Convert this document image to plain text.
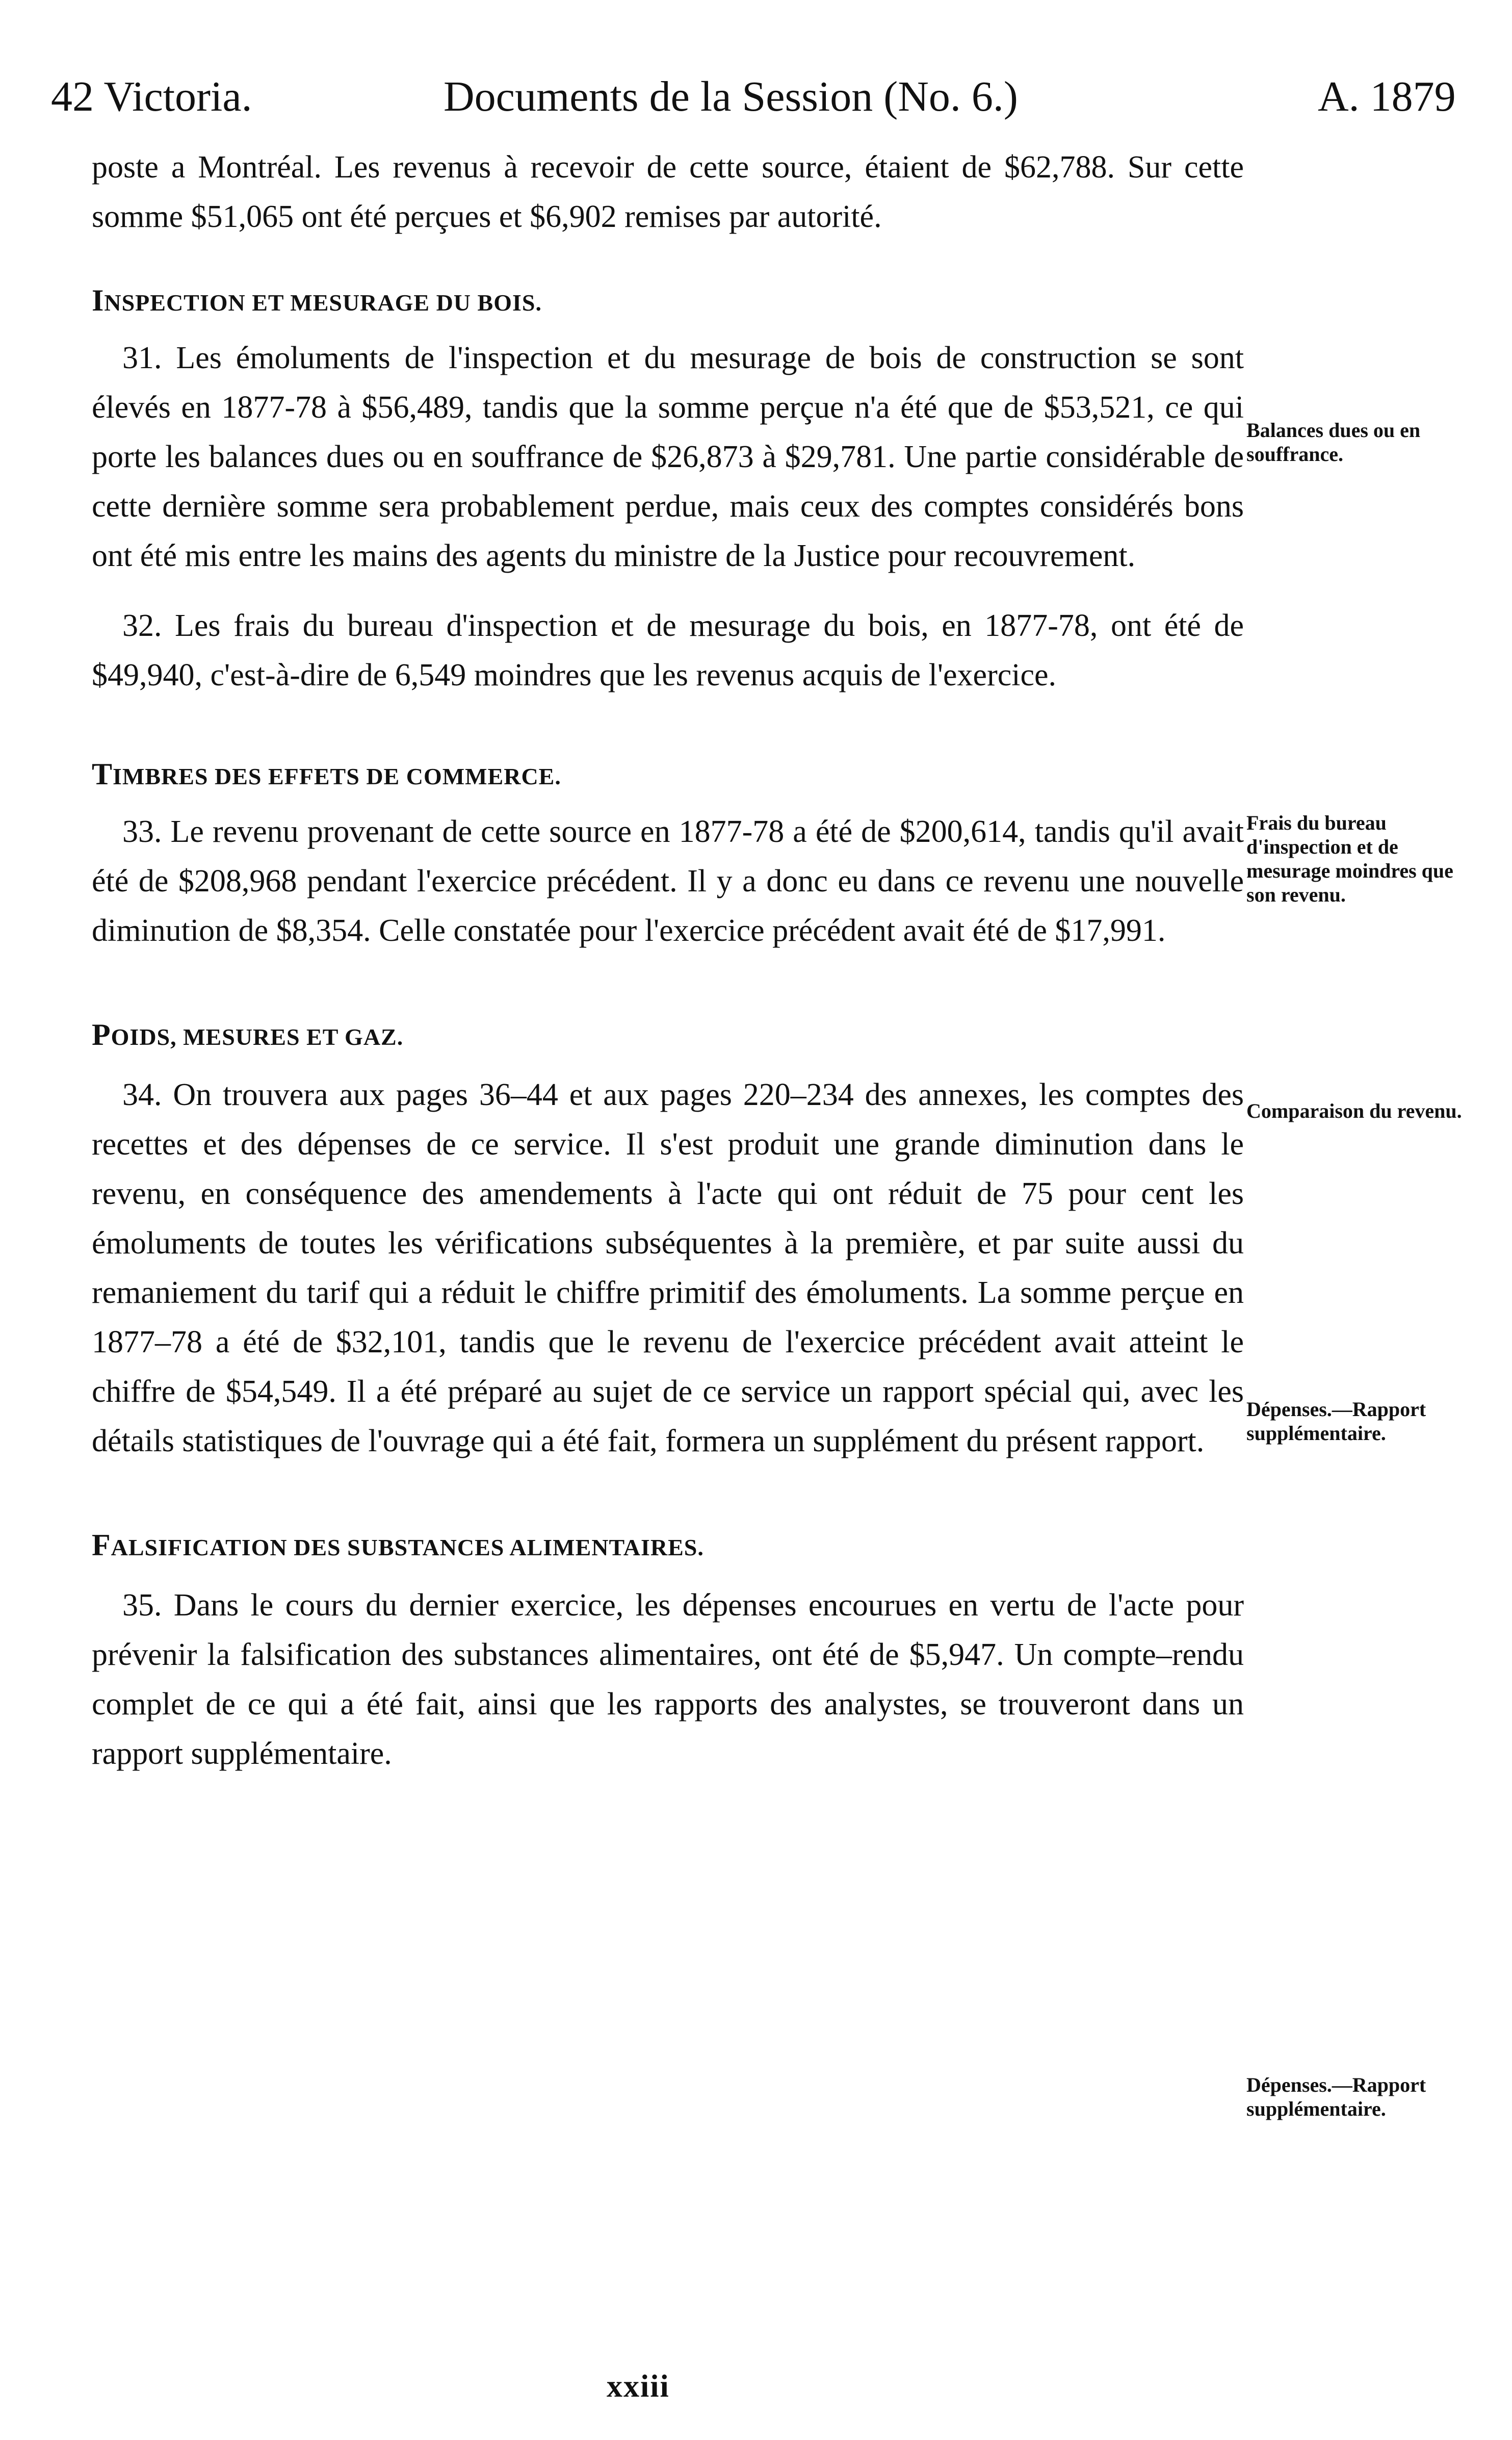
42 Victoria.	Documents de la Session (No. 6.)	A. 1879

poste a Montréal. Les revenus à recevoir de cette source, étaient de $62,788. Sur cette somme $51,065 ont été perçues et $6,902 remises par autorité.

INSPECTION ET MESURAGE DU BOIS.

31. Les émoluments de l'inspection et du mesurage de bois de construction se sont élevés en 1877-78 à $56,489, tandis que la somme perçue n'a été que de $53,521, ce qui porte les balances dues ou en souffrance de $26,873 à $29,781. Une partie considérable de cette dernière somme sera probablement perdue, mais ceux des comptes considérés bons ont été mis entre les mains des agents du ministre de la Justice pour recouvrement.

32. Les frais du bureau d'inspection et de mesurage du bois, en 1877-78, ont été de $49,940, c'est-à-dire de 6,549 moindres que les revenus acquis de l'exercice.

TIMBRES DES EFFETS DE COMMERCE.

33. Le revenu provenant de cette source en 1877-78 a été de $200,614, tandis qu'il avait été de $208,968 pendant l'exercice précédent. Il y a donc eu dans ce revenu une nouvelle diminution de $8,354. Celle constatée pour l'exercice précédent avait été de $17,991.

POIDS, MESURES ET GAZ.

34. On trouvera aux pages 36–44 et aux pages 220–234 des annexes, les comptes des recettes et des dépenses de ce service. Il s'est produit une grande diminution dans le revenu, en conséquence des amendements à l'acte qui ont réduit de 75 pour cent les émoluments de toutes les vérifications subséquentes à la première, et par suite aussi du remaniement du tarif qui a réduit le chiffre primitif des émoluments. La somme perçue en 1877–78 a été de $32,101, tandis que le revenu de l'exercice précédent avait atteint le chiffre de $54,549. Il a été préparé au sujet de ce service un rapport spécial qui, avec les détails statistiques de l'ouvrage qui a été fait, formera un supplément du présent rapport.

FALSIFICATION DES SUBSTANCES ALIMENTAIRES.

35. Dans le cours du dernier exercice, les dépenses encourues en vertu de l'acte pour prévenir la falsification des substances alimentaires, ont été de $5,947. Un compte–rendu complet de ce qui a été fait, ainsi que les rapports des analystes, se trouveront dans un rapport supplémentaire.

Balances dues ou en souffrance.

Frais du bureau d'inspection et de mesurage moindres que son revenu.

Comparaison du revenu.

Dépenses.—Rapport supplémentaire.

Dépenses.—Rapport supplémentaire.

xxiii
